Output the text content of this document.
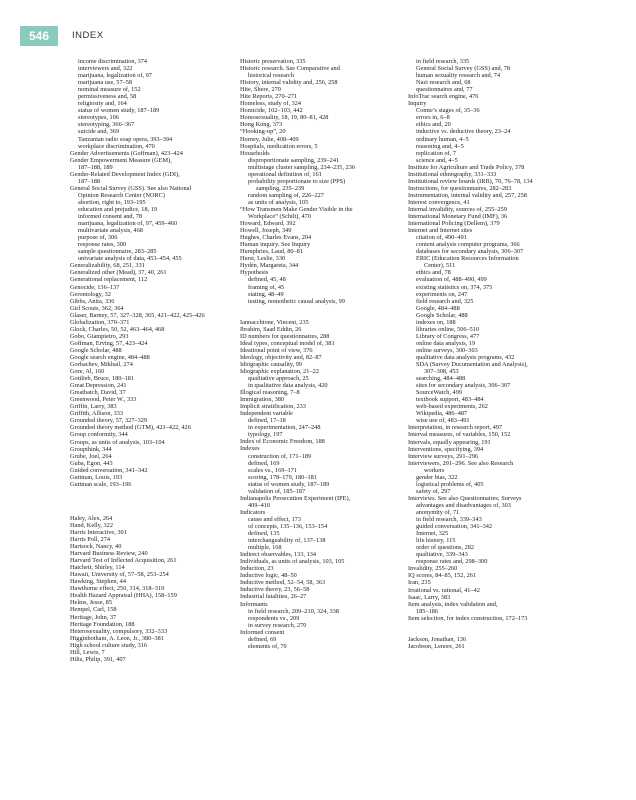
546	INDEX
income discrimination, 374
interviewers and, 322
marijuana, legalization of, 97
marijuana use, 57–58
nominal measure of, 152
permissiveness and, 58
religiosity and, 164
status of women study, 187–189
stereotypes, 106
stereotyping, 366–367
suicide and, 369
Tanzanian radio soap opera, 393–394
workplace discrimination, 470
Gender Advertisements (Goffman), 423–424
Gender Empowerment Measure (GEM),
187–188, 189
Gender-Related Development Index (GDI),
187–188
General Social Survey (GSS). See also National
Opinion Research Center (NORC)
abortion, right to, 193–195
education and prejudice, 18, 19
informed consent and, 78
marijuana, legalization of, 97, 459–460
multivariate analysis, 468
purpose of, 306
response rates, 300
sample questionnaire, 283–285
univariate analysis of data, 453–454, 455
Generalizability, 68, 251, 331
Generalized other (Mead), 37, 40, 261
Generational replacement, 112
Genocide, 136–137
Gerontology, 32
Gibbs, Anita, 336
Girl Scouts, 362, 364
Glaser, Barney, 57, 327–328, 365, 421–422, 425–426
Globalization, 370–371
Glock, Charles, 50, 52, 463–464, 468
Gobo, Giampietro, 293
Goffman, Erving, 57, 423–424
Google Scholar, 488
Google search engine, 484–488
Gorbachev, Mikhail, 274
Gore, Al, 160
Gottlieb, Bruce, 180–181
Great Depression, 241
Greatbatch, David, 37
Greenwood, Peter W., 333
Griffin, Larry, 383
Griffith, Allison, 333
Grounded theory, 57, 327–329
Grounded theory method (GTM), 421–422, 426
Group conformity, 344
Groups, as units of analysis, 103–104
Groupthink, 344
Grube, Joel, 264
Guba, Egon, 443
Guided conversation, 341–342
Guttman, Louis, 193
Guttman scale, 193–196
Haley, Alex, 264
Hand, Kelly, 322
Harris Interactive, 301
Harris Poll, 274
Hartsock, Nancy, 40
Harvard Business Review, 240
Harvard Test of Inflected Acquisition, 261
Hatchett, Shirley, 114
Hawaii, University of, 57–58, 253–254
Hawking, Stephen, 44
Hawthorne effect, 250, 314, 318–319
Health Hazard Appraisal (HHA), 158–159
Helms, Jesse, 85
Hempel, Carl, 158
Heritage, John, 37
Heritage Foundation, 188
Heterosexuality, compulsory, 332–333
Higginbotham, A. Leon, Jr., 380–381
High school culture study, 316
Hill, Lewis, 7
Hilts, Philip, 391, 407
Historic preservation, 335
Historic research. See Comparative and
historical research
History, internal validity and, 256, 258
Hite, Shere, 270
Hite Reports, 270–271
Homeless, study of, 324
Homicide, 102–103, 442
Homosexuality, 18, 19, 80–81, 428
Hong Kong, 373
“Hooking-up”, 20
Horney, Julie, 408–409
Hospitals, medication errors, 5
Households
disproportionate sampling, 239–241
multistage cluster sampling, 234–235, 236
operational definition of, 161
probability proportionate to size (PPS)
sampling, 235–239
random sampling of, 226–227
as units of analysis, 105
“How Transmen Make Gender Visible in the
Workplace” (Schilt), 470
Howard, Edward, 392
Howell, Joseph, 349
Hughes, Charles Evans, 204
Human inquiry. See Inquiry
Humphries, Laud, 80–81
Hurst, Leslie, 330
Hydén, Margareta, 344
Hypothesis
defined, 45, 48
framing of, 45
stating, 48–49
testing, nomothetic causal analysis, 99
Iannacchione, Vincent, 235
Ibrahim, Saad Eddin, 26
ID numbers for questionnaires, 288
Ideal types, conceptual model of, 381
Ideational point of view, 376
Ideology, objectivity and, 82–87
Idiographic causality, 99
Idiographic explanation, 21–22
qualitative approach, 25
in qualitative data analysis, 420
Illogical reasoning, 7–8
Immigration, 380
Implicit stratification, 233
Independent variable
defined, 17–18
in experimentation, 247–248
typology, 197
Index of Economic Freedom, 188
Indexes
construction of, 171–189
defined, 169
scales vs., 169–171
scoring, 178–179, 180–181
status of women study, 187–189
validation of, 185–187
Indianapolis Prosecution Experiment (IPE),
409–410
Indicators
cause and effect, 173
of concepts, 135–136, 153–154
defined, 135
interchangeability of, 137–138
multiple, 168
Indirect observables, 133, 134
Individuals, as units of analysis, 103, 105
Induction, 23
Inductive logic, 48–50
Inductive method, 52–54, 58, 363
Inductive theory, 23, 56–58
Industrial fatalities, 26–27
Informants
in field research, 209–210, 324, 338
respondents vs., 209
in survey research, 270
Informed consent
defined, 69
elements of, 70
in field research, 335
General Social Survey (GSS) and, 78
human sexuality research and, 74
Nazi research and, 68
questionnaires and, 77
InfoTrac search engine, 476
Inquiry
Comte’s stages of, 35–36
errors in, 6–8
ethics and, 20
inductive vs. deductive theory, 23–24
ordinary human, 4–5
reasoning and, 4–5
replication of, 7
science and, 4–5
Institute for Agriculture and Trade Policy, 378
Institutional ethnography, 331–333
Institutional review boards (IRB), 70, 76–78, 134
Instructions, for questionnaires, 282–283
Instrumentation, internal validity and, 257, 258
Interest convergence, 41
Internal invalidity, sources of, 255–259
International Monetary Fund (IMF), 36
International Policing (Dellem), 379
Internet and Internet sites
citation of, 490–491
content analysis computer programs, 366
databases for secondary analysis, 306–307
ERIC (Education Resources Information
Center), 511
ethics and, 78
evaluation of, 488–490, 499
existing statistics on, 374, 375
experiments on, 247
field research and, 325
Google, 484–488
Google Scholar, 488
indexes on, 188
libraries online, 506–510
Library of Congress, 477
online data analysis, 19
online surveys, 300–303
qualitative data analysis programs, 432
SDA (Survey Documentation and Analysis),
307–308, 453
searching, 484–488
sites for secondary analysis, 306–307
SourceWatch, 499
textbook support, 483–484
web-based experiments, 262
Wikipedia, 486–487
wise use of, 483–491
Interpretation, in research report, 497
Interval measures, of variables, 150, 152
Intervals, equally appearing, 191
Interventions, specifying, 394
Interview surveys, 291–296
Interviewers, 291–296. See also Research
workers
gender bias, 322
logistical problems of, 405
safety of, 297
Interviews. See also Questionnaires; Surveys
advantages and disadvantages of, 303
anonymity of, 71
in field research, 339–343
guided conversation, 341–342
Internet, 325
life history, 115
order of questions, 282
qualitative, 339–343
response rates and, 298–300
Invalidity, 255–260
IQ scores, 84–85, 152, 261
Iran, 235
Irrational vs. rational, 41–42
Isaac, Larry, 383
Item analysis, index validation and,
185–186
Item selection, for index construction, 172–173
Jackson, Jonathan, 136
Jacobson, Lenore, 261
